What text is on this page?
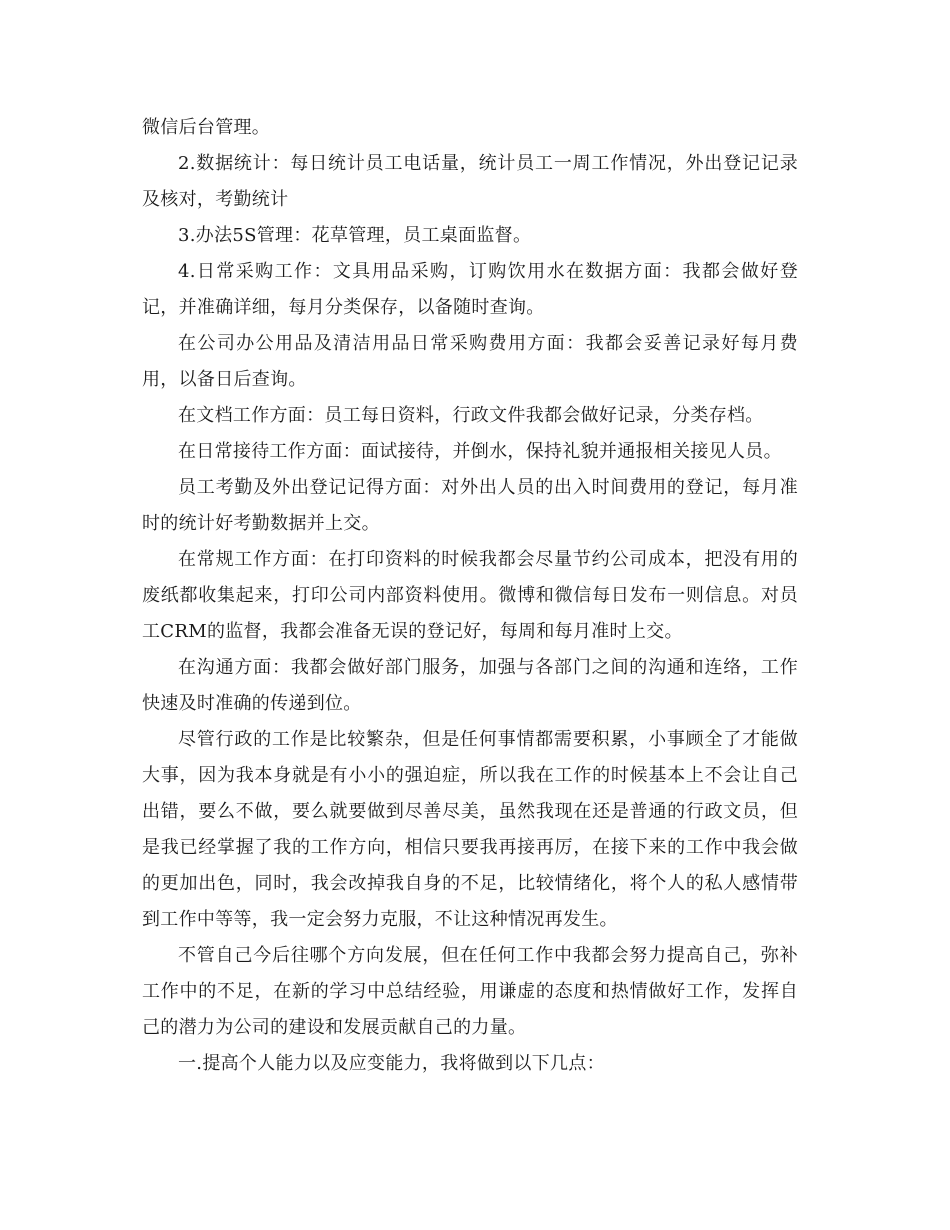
微信后台管理。

2.数据统计：每日统计员工电话量，统计员工一周工作情况，外出登记记录及核对，考勤统计

3.办法5S管理：花草管理，员工桌面监督。

4.日常采购工作：文具用品采购，订购饮用水在数据方面：我都会做好登记，并准确详细，每月分类保存，以备随时查询。

在公司办公用品及清洁用品日常采购费用方面：我都会妥善记录好每月费用，以备日后查询。

在文档工作方面：员工每日资料，行政文件我都会做好记录，分类存档。

在日常接待工作方面：面试接待，并倒水，保持礼貌并通报相关接见人员。

员工考勤及外出登记记得方面：对外出人员的出入时间费用的登记，每月准时的统计好考勤数据并上交。

在常规工作方面：在打印资料的时候我都会尽量节约公司成本，把没有用的废纸都收集起来，打印公司内部资料使用。微博和微信每日发布一则信息。对员工CRM的监督，我都会准备无误的登记好，每周和每月准时上交。

在沟通方面：我都会做好部门服务，加强与各部门之间的沟通和连络，工作快速及时准确的传递到位。

尽管行政的工作是比较繁杂，但是任何事情都需要积累，小事顾全了才能做大事，因为我本身就是有小小的强迫症，所以我在工作的时候基本上不会让自己出错，要么不做，要么就要做到尽善尽美，虽然我现在还是普通的行政文员，但是我已经掌握了我的工作方向，相信只要我再接再厉，在接下来的工作中我会做的更加出色，同时，我会改掉我自身的不足，比较情绪化，将个人的私人感情带到工作中等等，我一定会努力克服，不让这种情况再发生。

不管自己今后往哪个方向发展，但在任何工作中我都会努力提高自己，弥补工作中的不足，在新的学习中总结经验，用谦虚的态度和热情做好工作，发挥自己的潜力为公司的建设和发展贡献自己的力量。

一.提高个人能力以及应变能力，我将做到以下几点：
